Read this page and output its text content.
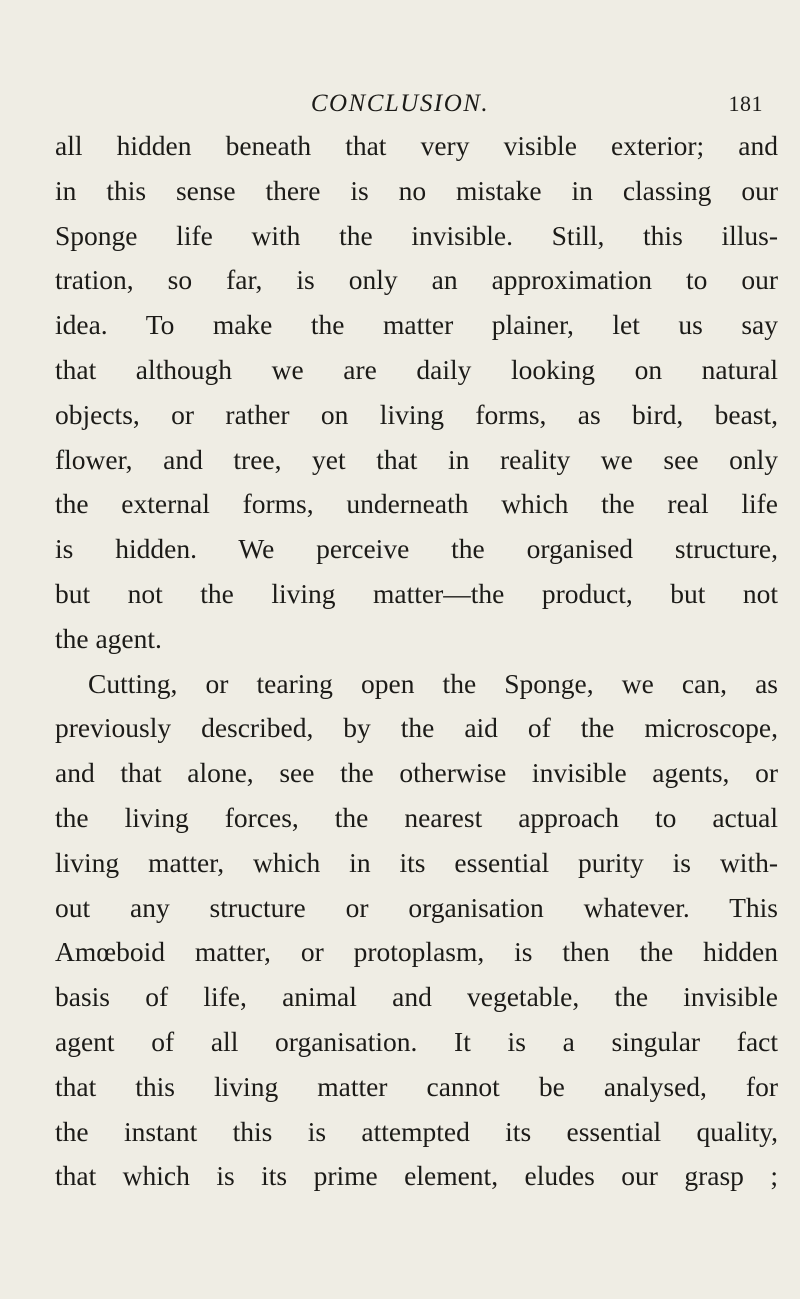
CONCLUSION.	181
all hidden beneath that very visible exterior; and
in this sense there is no mistake in classing our
Sponge life with the invisible. Still, this illus-
tration, so far, is only an approximation to our
idea. To make the matter plainer, let us say
that although we are daily looking on natural
objects, or rather on living forms, as bird, beast,
flower, and tree, yet that in reality we see only
the external forms, underneath which the real life
is hidden. We perceive the organised structure,
but not the living matter—the product, but not
the agent.
Cutting, or tearing open the Sponge, we can, as
previously described, by the aid of the microscope,
and that alone, see the otherwise invisible agents, or
the living forces, the nearest approach to actual
living matter, which in its essential purity is with-
out any structure or organisation whatever. This
Amœboid matter, or protoplasm, is then the hidden
basis of life, animal and vegetable, the invisible
agent of all organisation. It is a singular fact
that this living matter cannot be analysed, for
the instant this is attempted its essential quality,
that which is its prime element, eludes our grasp ;
